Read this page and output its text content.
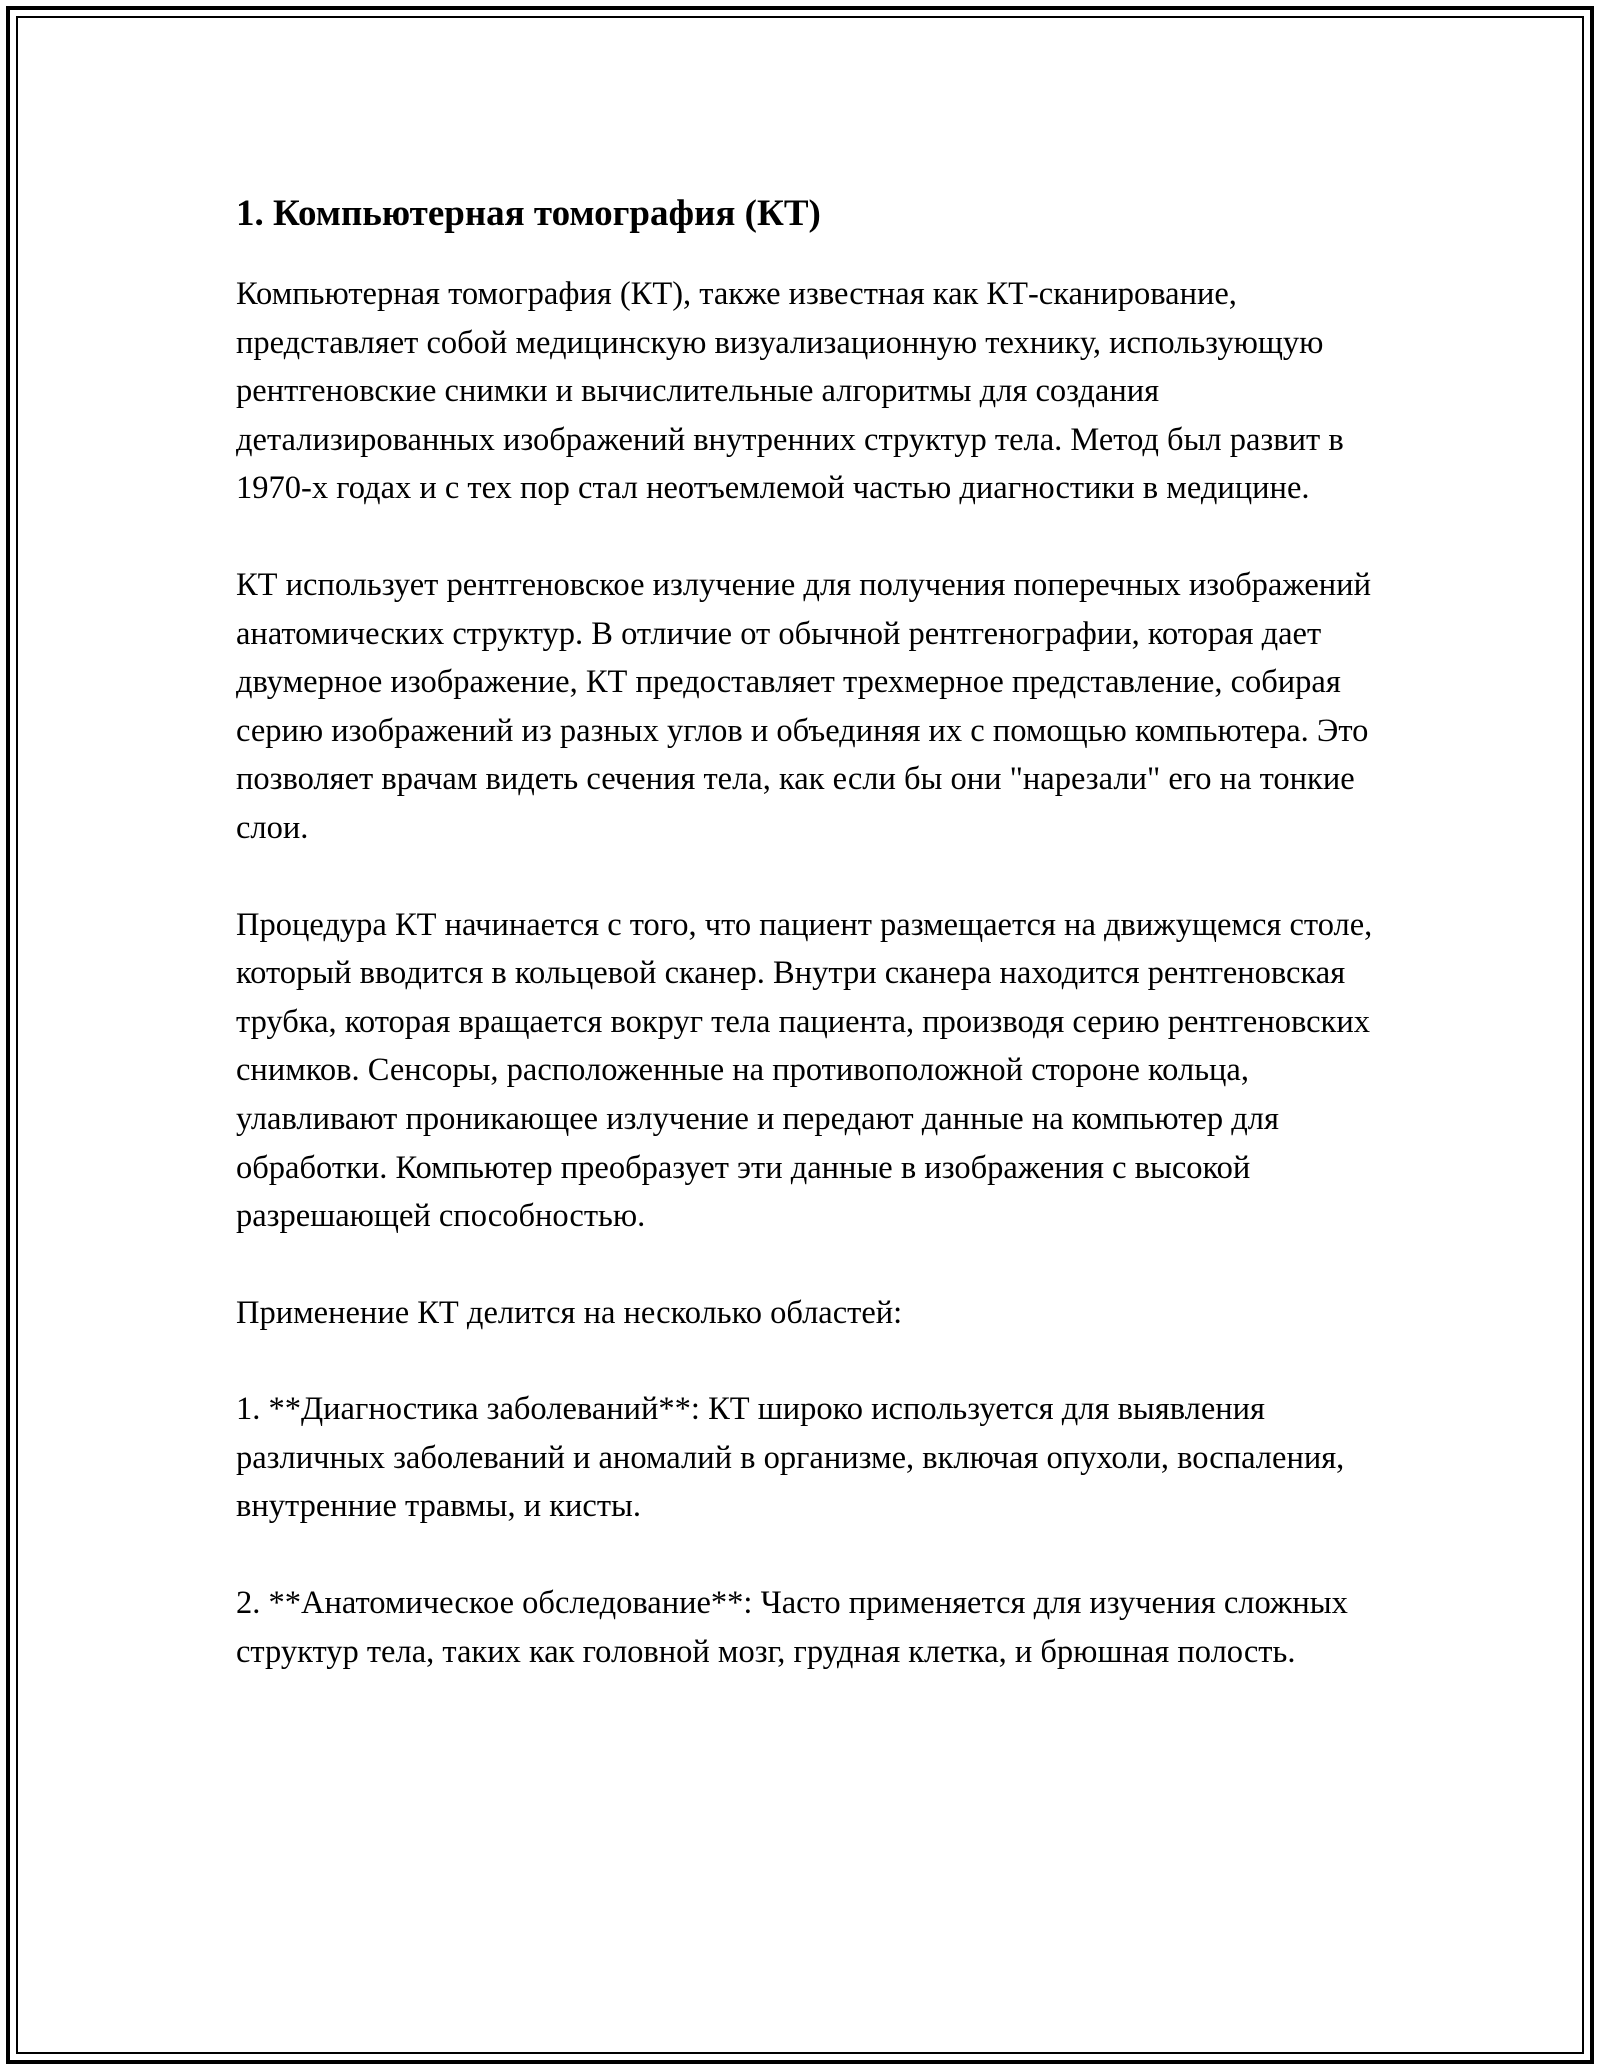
1. Компьютерная томография (КТ)

Компьютерная томография (КТ), также известная как КТ-сканирование, представляет собой медицинскую визуализационную технику, использующую рентгеновские снимки и вычислительные алгоритмы для создания детализированных изображений внутренних структур тела. Метод был развит в 1970-х годах и с тех пор стал неотъемлемой частью диагностики в медицине.

КТ использует рентгеновское излучение для получения поперечных изображений анатомических структур. В отличие от обычной рентгенографии, которая дает двумерное изображение, КТ предоставляет трехмерное представление, собирая серию изображений из разных углов и объединяя их с помощью компьютера. Это позволяет врачам видеть сечения тела, как если бы они "нарезали" его на тонкие слои.

Процедура КТ начинается с того, что пациент размещается на движущемся столе, который вводится в кольцевой сканер. Внутри сканера находится рентгеновская трубка, которая вращается вокруг тела пациента, производя серию рентгеновских снимков. Сенсоры, расположенные на противоположной стороне кольца, улавливают проникающее излучение и передают данные на компьютер для обработки. Компьютер преобразует эти данные в изображения с высокой разрешающей способностью.

Применение КТ делится на несколько областей:

1. **Диагностика заболеваний**: КТ широко используется для выявления различных заболеваний и аномалий в организме, включая опухоли, воспаления, внутренние травмы, и кисты.

2. **Анатомическое обследование**: Часто применяется для изучения сложных структур тела, таких как головной мозг, грудная клетка, и брюшная полость.
